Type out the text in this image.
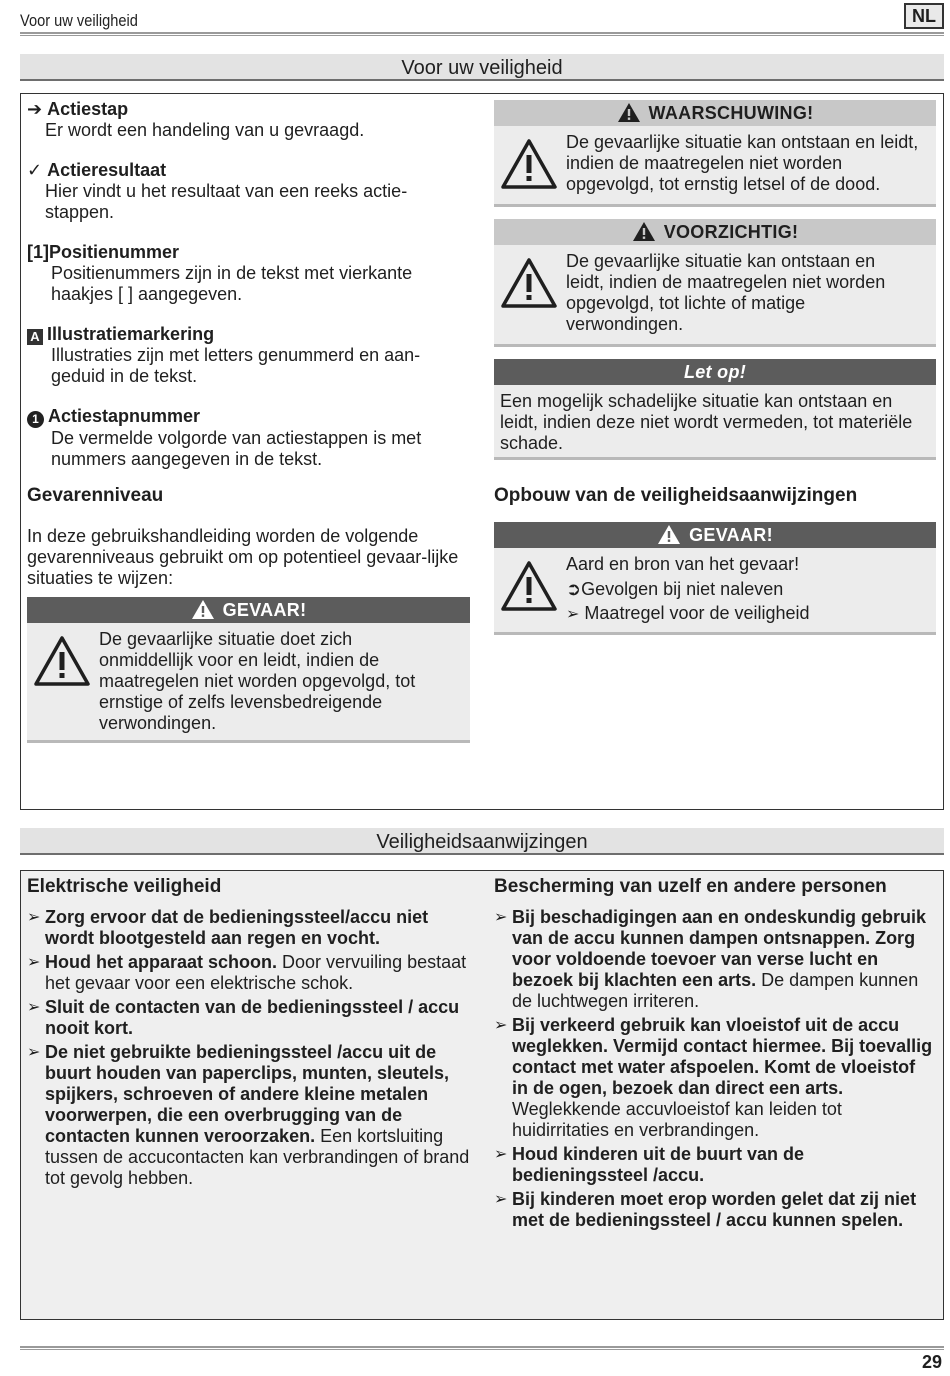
Voor uw veiligheid	NL
Voor uw veiligheid
➔ Actiestap
Er wordt een handeling van u gevraagd.
✓ Actieresultaat
Hier vindt u het resultaat van een reeks actie-stappen.
[1]Positienummer
Positienummers zijn in de tekst met vierkante haakjes [ ] aangegeven.
A Illustratiemarkering
Illustraties zijn met letters genummerd en aan-geduid in de tekst.
1 Actiestapnummer
De vermelde volgorde van actiestappen is met nummers aangegeven in de tekst.
Gevarenniveau
In deze gebruikshandleiding worden de volgende gevarenniveaus gebruikt om op potentieel gevaar-lijke situaties te wijzen:
GEVAAR!
De gevaarlijke situatie doet zich onmiddellijk voor en leidt, indien de maatregelen niet worden opgevolgd, tot ernstige of zelfs levensbedreigende verwondingen.
WAARSCHUWING!
De gevaarlijke situatie kan ontstaan en leidt, indien de maatregelen niet worden opgevolgd, tot ernstig letsel of de dood.
VOORZICHTIG!
De gevaarlijke situatie kan ontstaan en leidt, indien de maatregelen niet worden opgevolgd, tot lichte of matige verwondingen.
Let op!
Een mogelijk schadelijke situatie kan ontstaan en leidt, indien deze niet wordt vermeden, tot materiële schade.
Opbouw van de veiligheidsaanwijzingen
GEVAAR!
Aard en bron van het gevaar!
➲Gevolgen bij niet naleven
➢ Maatregel voor de veiligheid
Veiligheidsaanwijzingen
Elektrische veiligheid
➢ Zorg ervoor dat de bedieningssteel/accu niet wordt blootgesteld aan regen en vocht.
➢ Houd het apparaat schoon. Door vervuiling bestaat het gevaar voor een elektrische schok.
➢ Sluit de contacten van de bedieningssteel / accu nooit kort.
➢ De niet gebruikte bedieningssteel /accu uit de buurt houden van paperclips, munten, sleutels, spijkers, schroeven of andere kleine metalen voorwerpen, die een overbrugging van de contacten kunnen veroorzaken. Een kortsluiting tussen de accucontacten kan verbrandingen of brand tot gevolg hebben.
Bescherming van uzelf en andere personen
➢ Bij beschadigingen aan en ondeskundig gebruik van de accu kunnen dampen ontsnappen. Zorg voor voldoende toevoer van verse lucht en bezoek bij klachten een arts. De dampen kunnen de luchtwegen irriteren.
➢ Bij verkeerd gebruik kan vloeistof uit de accu weglekken. Vermijd contact hiermee. Bij toevallig contact met water afspoelen. Komt de vloeistof in de ogen, bezoek dan direct een arts. Weglekkende accuvloeistof kan leiden tot huidirritaties en verbrandingen.
➢ Houd kinderen uit de buurt van de bedieningssteel /accu.
➢ Bij kinderen moet erop worden gelet dat zij niet met de bedieningssteel / accu kunnen spelen.
29
